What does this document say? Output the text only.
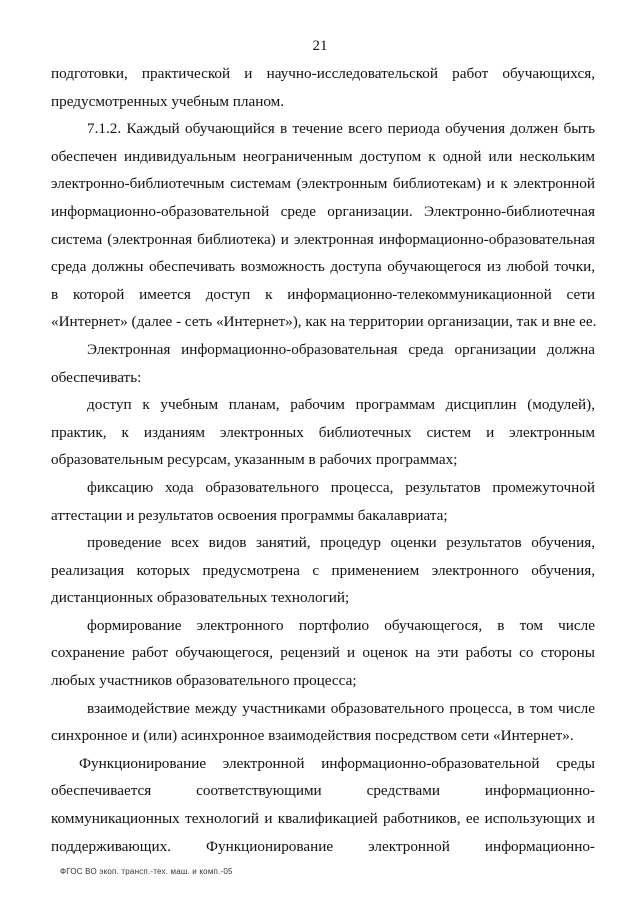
21
подготовки, практической и научно-исследовательской работ обучающихся,
предусмотренных учебным планом.
7.1.2. Каждый обучающийся в течение всего периода обучения должен быть
обеспечен индивидуальным неограниченным доступом к одной или нескольким
электронно-библиотечным системам (электронным библиотекам) и к электронной
информационно-образовательной среде организации. Электронно-библиотечная
система (электронная библиотека) и электронная информационно-образовательная
среда должны обеспечивать возможность доступа обучающегося из любой точки,
в которой имеется доступ к информационно-телекоммуникационной сети
«Интернет» (далее - сеть «Интернет»), как на территории организации, так и вне ее.
Электронная информационно-образовательная среда организации должна
обеспечивать:
доступ к учебным планам, рабочим программам дисциплин (модулей),
практик, к изданиям электронных библиотечных систем и электронным
образовательным ресурсам, указанным в рабочих программах;
фиксацию хода образовательного процесса, результатов промежуточной
аттестации и результатов освоения программы бакалавриата;
проведение всех видов занятий, процедур оценки результатов обучения,
реализация которых предусмотрена с применением электронного обучения,
дистанционных образовательных технологий;
формирование электронного портфолио обучающегося, в том числе
сохранение работ обучающегося, рецензий и оценок на эти работы со стороны
любых участников образовательного процесса;
взаимодействие между участниками образовательного процесса, в том числе
синхронное и (или) асинхронное взаимодействия посредством сети «Интернет».
Функционирование электронной информационно-образовательной среды
обеспечивается соответствующими средствами информационно-
коммуникационных технологий и квалификацией работников, ее использующих и
поддерживающих. Функционирование электронной информационно-
ФГОС ВО экоп. трансп.-тех. маш. и комп.-05
